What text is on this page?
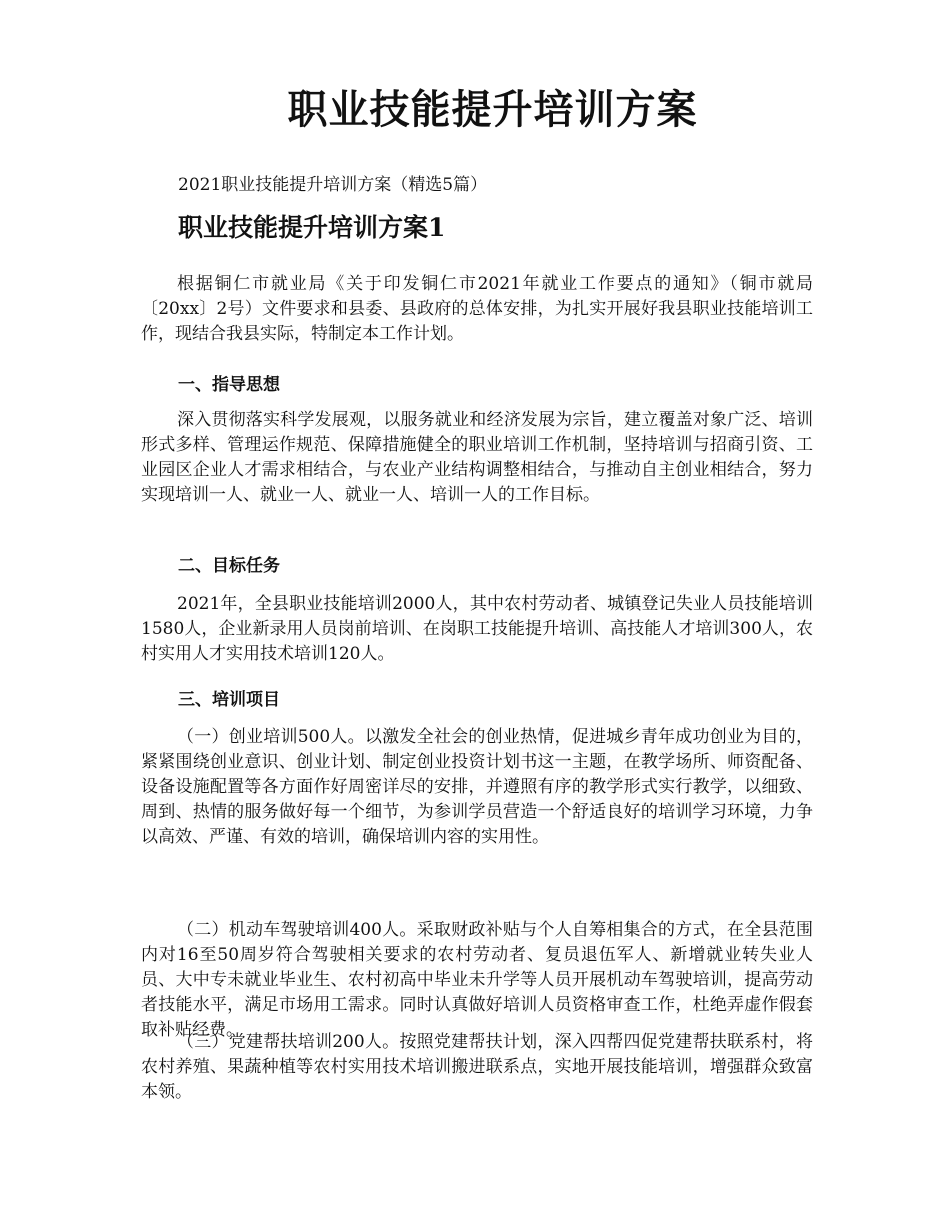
职业技能提升培训方案

2021职业技能提升培训方案（精选5篇）

职业技能提升培训方案1

根据铜仁市就业局《关于印发铜仁市2021年就业工作要点的通知》（铜市就局〔20xx〕2号）文件要求和县委、县政府的总体安排，为扎实开展好我县职业技能培训工作，现结合我县实际，特制定本工作计划。

一、指导思想

深入贯彻落实科学发展观，以服务就业和经济发展为宗旨，建立覆盖对象广泛、培训形式多样、管理运作规范、保障措施健全的职业培训工作机制，坚持培训与招商引资、工业园区企业人才需求相结合，与农业产业结构调整相结合，与推动自主创业相结合，努力实现培训一人、就业一人、就业一人、培训一人的工作目标。

二、目标任务

2021年，全县职业技能培训2000人，其中农村劳动者、城镇登记失业人员技能培训1580人，企业新录用人员岗前培训、在岗职工技能提升培训、高技能人才培训300人，农村实用人才实用技术培训120人。

三、培训项目

（一）创业培训500人。以激发全社会的创业热情，促进城乡青年成功创业为目的，紧紧围绕创业意识、创业计划、制定创业投资计划书这一主题，在教学场所、师资配备、设备设施配置等各方面作好周密详尽的安排，并遵照有序的教学形式实行教学，以细致、周到、热情的服务做好每一个细节，为参训学员营造一个舒适良好的培训学习环境，力争以高效、严谨、有效的培训，确保培训内容的实用性。

（二）机动车驾驶培训400人。采取财政补贴与个人自筹相集合的方式，在全县范围内对16至50周岁符合驾驶相关要求的农村劳动者、复员退伍军人、新增就业转失业人员、大中专未就业毕业生、农村初高中毕业未升学等人员开展机动车驾驶培训，提高劳动者技能水平，满足市场用工需求。同时认真做好培训人员资格审查工作，杜绝弄虚作假套取补贴经费。

（三）党建帮扶培训200人。按照党建帮扶计划，深入四帮四促党建帮扶联系村，将农村养殖、果蔬种植等农村实用技术培训搬进联系点，实地开展技能培训，增强群众致富本领。
